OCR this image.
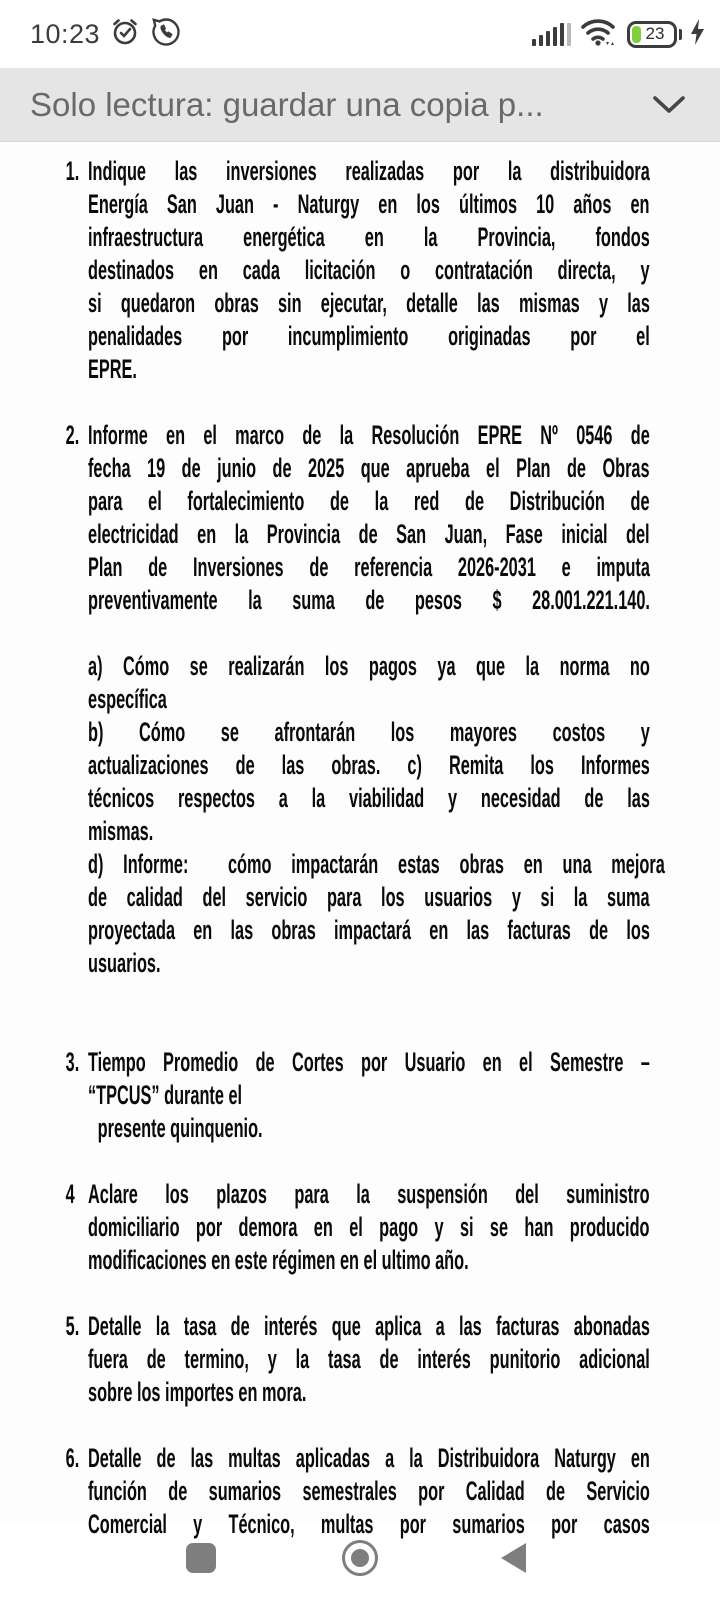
10:23	23
Solo lectura: guardar una copia p...
1. Indique las inversiones realizadas por la distribuidora
Energía San Juan - Naturgy en los últimos 10 años en
infraestructura energética en la Provincia, fondos
destinados en cada licitación o contratación directa, y
si quedaron obras sin ejecutar, detalle las mismas y las
penalidades por incumplimiento originadas por el
EPRE.
2. Informe en el marco de la Resolución EPRE Nº 0546 de
fecha 19 de junio de 2025 que aprueba el Plan de Obras
para el fortalecimiento de la red de Distribución de
electricidad en la Provincia de San Juan, Fase inicial del
Plan de Inversiones de referencia 2026-2031 e imputa
preventivamente la suma de pesos $ 28.001.221.140.
a) Cómo se realizarán los pagos ya que la norma no
específica
b) Cómo se afrontarán los mayores costos y
actualizaciones de las obras. c) Remita los Informes
técnicos respectos a la viabilidad y necesidad de las
mismas.
d) Informe:  cómo impactarán estas obras en una mejora
de calidad del servicio para los usuarios y si la suma
proyectada en las obras impactará en las facturas de los
usuarios.
3. Tiempo Promedio de Cortes por Usuario en el Semestre –
“TPCUS” durante el
presente quinquenio.
4 Aclare los plazos para la suspensión del suministro
domiciliario por demora en el pago y si se han producido
modificaciones en este régimen en el ultimo año.
5. Detalle la tasa de interés que aplica a las facturas abonadas
fuera de termino, y la tasa de interés punitorio adicional
sobre los importes en mora.
6. Detalle de las multas aplicadas a la Distribuidora Naturgy en
función de sumarios semestrales por Calidad de Servicio
Comercial y Técnico, multas por sumarios por casos
